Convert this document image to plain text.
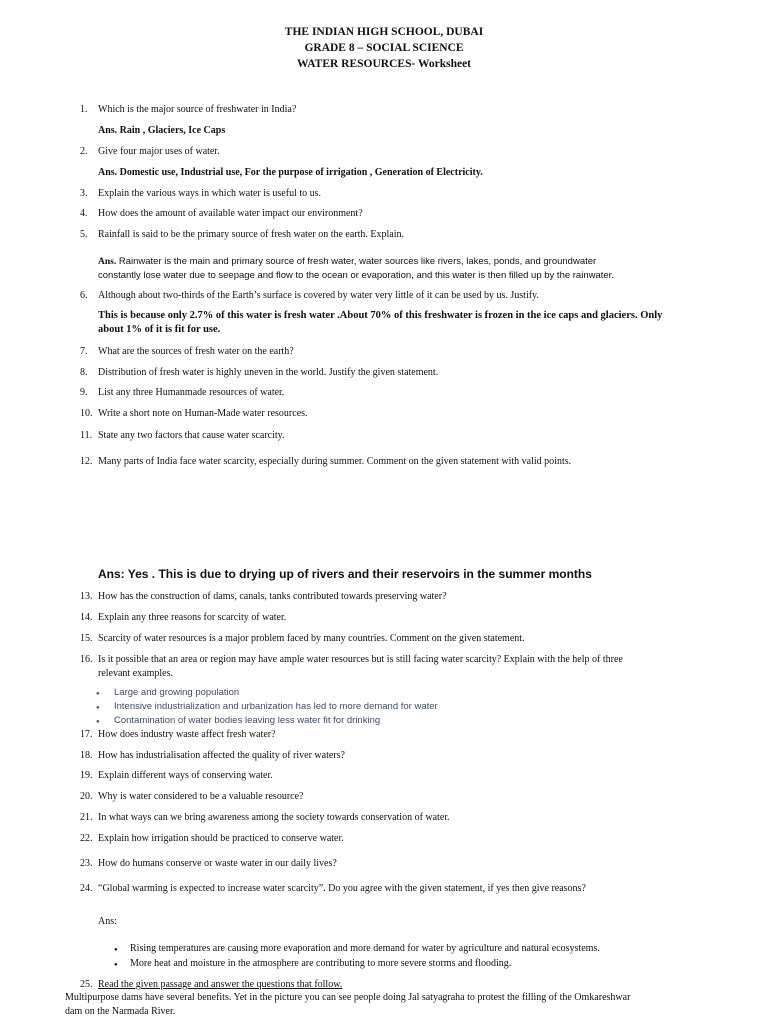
THE INDIAN HIGH SCHOOL, DUBAI
GRADE 8 – SOCIAL SCIENCE
WATER RESOURCES- Worksheet
1.	Which is the major source of freshwater in India?
Ans. Rain , Glaciers, Ice Caps
2.	Give four major uses of water.
Ans. Domestic use, Industrial use, For the purpose of irrigation , Generation of Electricity.
3.	Explain the various ways in which water is useful to us.
4.	How does the amount of available water impact our environment?
5.	Rainfall is said to be the primary source of fresh water on the earth. Explain.
Ans. Rainwater is the main and primary source of fresh water, water sources like rivers, lakes, ponds, and groundwater
constantly lose water due to seepage and flow to the ocean or evaporation, and this water is then filled up by the rainwater.
6.	Although about two-thirds of the Earth’s surface is covered by water very little of it can be used by us. Justify.
This is because only 2.7% of this water is fresh water .About 70% of this freshwater is frozen in the ice caps and glaciers. Only
about 1% of it is fit for use.
7.	What are the sources of fresh water on the earth?
8.	Distribution of fresh water is highly uneven in the world. Justify the given statement.
9.	List any three Humanmade resources of water.
10. Write a short note on Human-Made water resources.
11. State any two factors that cause water scarcity.
12. Many parts of India face water scarcity, especially during summer. Comment on the given statement with valid points.
Ans: Yes . This is due to drying up of rivers and their reservoirs in the summer months
13. How has the construction of dams, canals, tanks contributed towards preserving water?
14. Explain any three reasons for scarcity of water.
15. Scarcity of water resources is a major problem faced by many countries. Comment on the given statement.
16. Is it possible that an area or region may have ample water resources but is still facing water scarcity? Explain with the help of three
relevant examples.
● Large and growing population
● Intensive industrialization and urbanization has led to more demand for water
● Contamination of water bodies leaving less water fit for drinking
17. How does industry waste affect fresh water?
18. How has industrialisation affected the quality of river waters?
19. Explain different ways of conserving water.
20. Why is water considered to be a valuable resource?
21. In what ways can we bring awareness among the society towards conservation of water.
22. Explain how irrigation should be practiced to conserve water.
23. How do humans conserve or waste water in our daily lives?
24. “Global warming is expected to increase water scarcity”. Do you agree with the given statement, if yes then give reasons?
Ans:
● Rising temperatures are causing more evaporation and more demand for water by agriculture and natural ecosystems.
● More heat and moisture in the atmosphere are contributing to more severe storms and flooding.
25. Read the given passage and answer the questions that follow.
Multipurpose dams have several benefits. Yet in the picture you can see people doing Jal satyagraha to protest the filling of the Omkareshwar
dam on the Narmada River.
